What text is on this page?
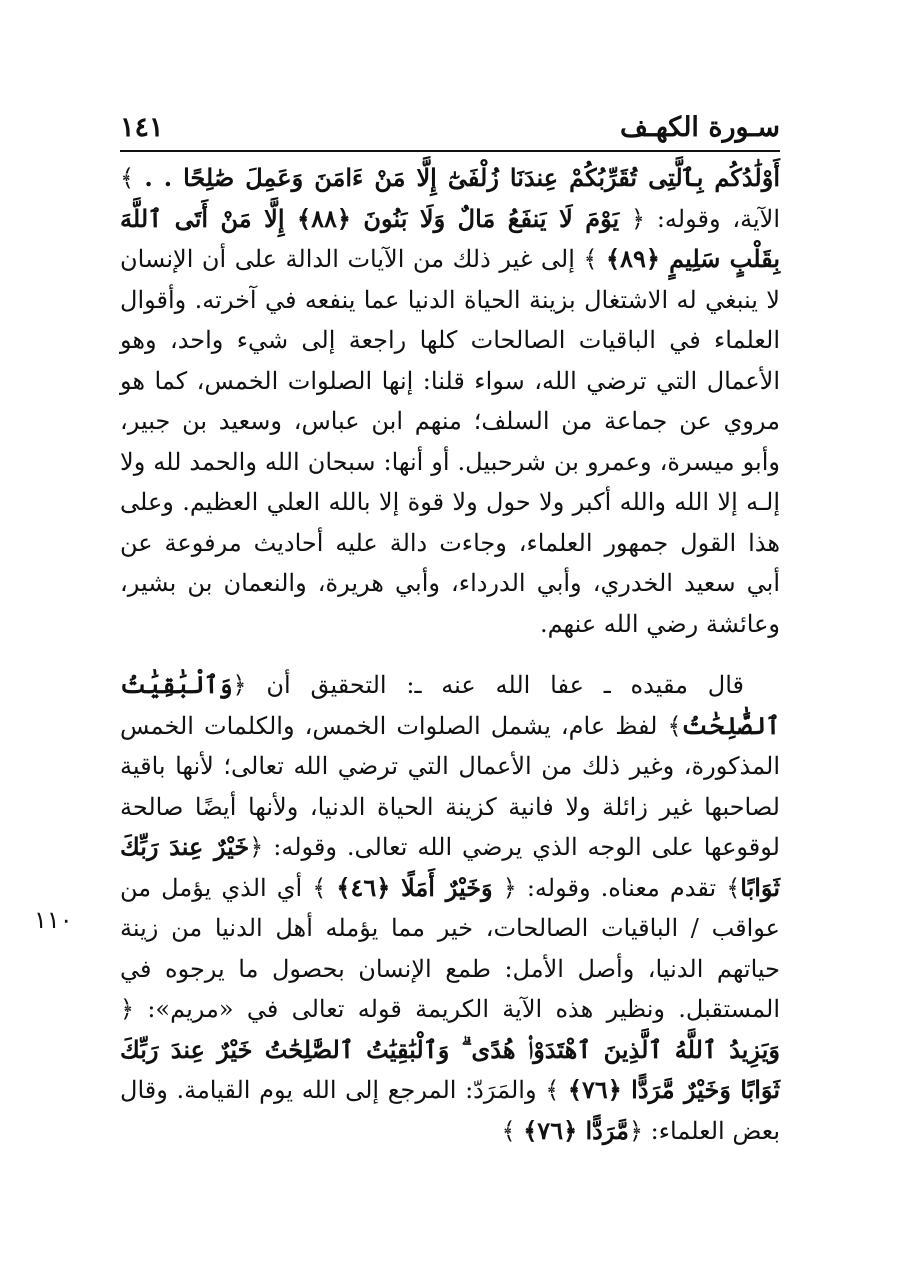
سـورة الكهـف
١٤١
١١٠

أَوْلَٰدُكُم بِٱلَّتِى تُقَرِّبُكُمْ عِندَنَا زُلْفَىٰٓ إِلَّا مَنْ ءَامَنَ وَعَمِلَ صَٰلِحًا . . ﴾ الآية، وقوله: ﴿ يَوْمَ لَا يَنفَعُ مَالٌ وَلَا بَنُونَ ﴿٨٨﴾ إِلَّا مَنْ أَتَى ٱللَّهَ بِقَلْبٍ سَلِيمٍ ﴿٨٩﴾ ﴾ إلى غير ذلك من الآيات الدالة على أن الإنسان لا ينبغي له الاشتغال بزينة الحياة الدنيا عما ينفعه في آخرته. وأقوال العلماء في الباقيات الصالحات كلها راجعة إلى شيء واحد، وهو الأعمال التي ترضي الله، سواء قلنا: إنها الصلوات الخمس، كما هو مروي عن جماعة من السلف؛ منهم ابن عباس، وسعيد بن جبير، وأبو ميسرة، وعمرو بن شرحبيل. أو أنها: سبحان الله والحمد لله ولا إلـه إلا الله والله أكبر ولا حول ولا قوة إلا بالله العلي العظيم. وعلى هذا القول جمهور العلماء، وجاءت دالة عليه أحاديث مرفوعة عن أبي سعيد الخدري، وأبي الدرداء، وأبي هريرة، والنعمان بن بشير، وعائشة رضي الله عنهم.

قال مقيده ـ عفا الله عنه ـ: التحقيق أن ﴿وَٱلْبَٰقِيَٰتُ ٱلصَّٰلِحَٰتُ﴾ لفظ عام، يشمل الصلوات الخمس، والكلمات الخمس المذكورة، وغير ذلك من الأعمال التي ترضي الله تعالى؛ لأنها باقية لصاحبها غير زائلة ولا فانية كزينة الحياة الدنيا، ولأنها أيضًا صالحة لوقوعها على الوجه الذي يرضي الله تعالى. وقوله: ﴿خَيْرٌ عِندَ رَبِّكَ ثَوَابًا﴾ تقدم معناه. وقوله: ﴿ وَخَيْرٌ أَمَلًا ﴿٤٦﴾ ﴾ أي الذي يؤمل من عواقب / الباقيات الصالحات، خير مما يؤمله أهل الدنيا من زينة حياتهم الدنيا، وأصل الأمل: طمع الإنسان بحصول ما يرجوه في المستقبل. ونظير هذه الآية الكريمة قوله تعالى في «مريم»: ﴿ وَيَزِيدُ ٱللَّهُ ٱلَّذِينَ ٱهْتَدَوْا۟ هُدًى ۗ وَٱلْبَٰقِيَٰتُ ٱلصَّٰلِحَٰتُ خَيْرٌ عِندَ رَبِّكَ ثَوَابًا وَخَيْرٌ مَّرَدًّا ﴿٧٦﴾ ﴾ والمَرَدّ: المرجع إلى الله يوم القيامة. وقال بعض العلماء: ﴿مَّرَدًّا ﴿٧٦﴾ ﴾
